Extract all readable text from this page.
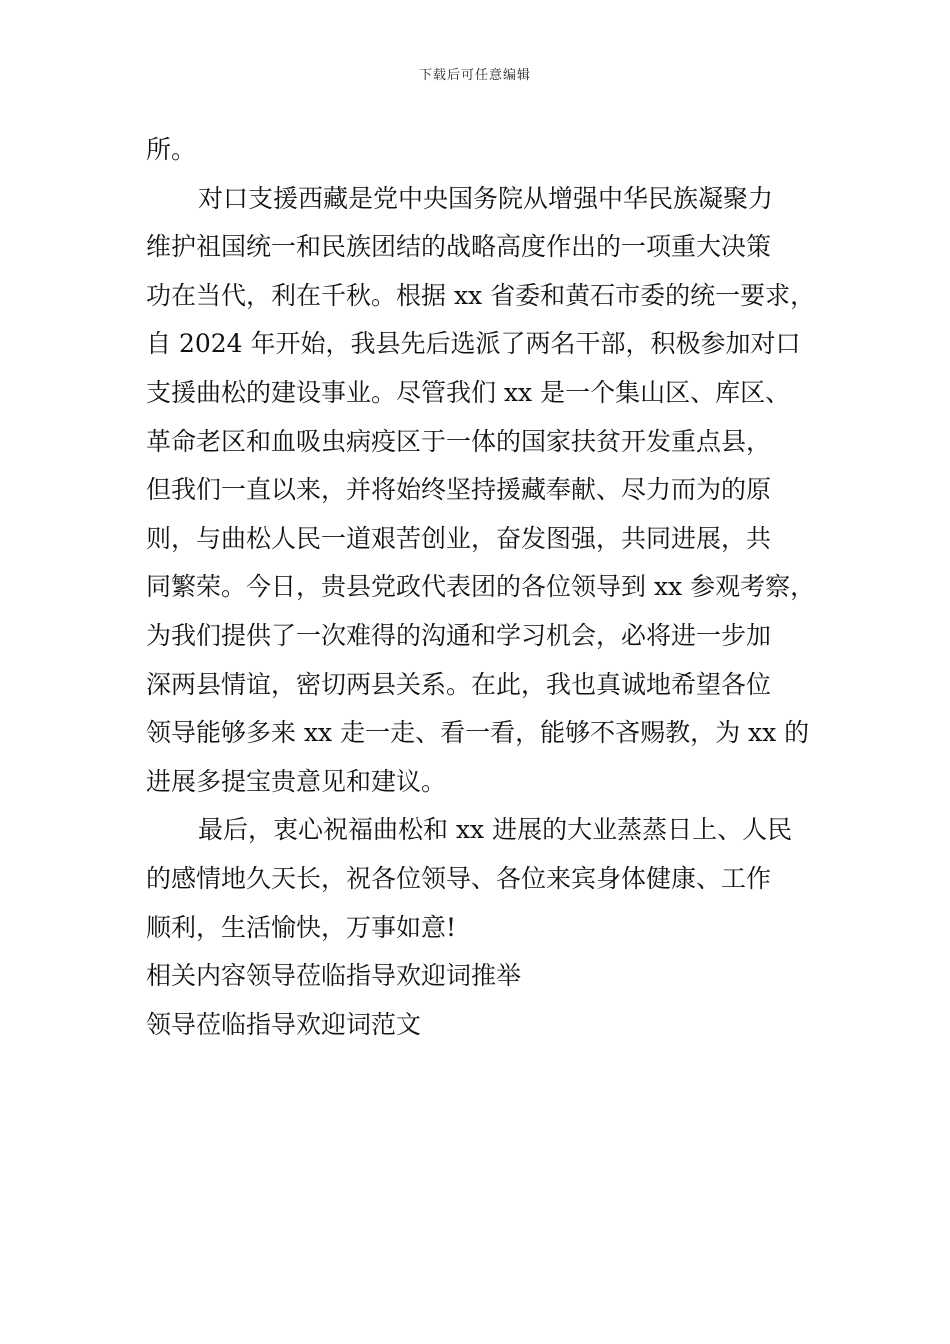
下载后可任意编辑
所。
对口支援西藏是党中央国务院从增强中华民族凝聚力
维护祖国统一和民族团结的战略高度作出的一项重大决策
功在当代，利在千秋。根据 xx 省委和黄石市委的统一要求，
自 2024 年开始，我县先后选派了两名干部，积极参加对口
支援曲松的建设事业。尽管我们 xx 是一个集山区、库区、
革命老区和血吸虫病疫区于一体的国家扶贫开发重点县，
但我们一直以来，并将始终坚持援藏奉献、尽力而为的原
则，与曲松人民一道艰苦创业，奋发图强，共同进展，共
同繁荣。今日，贵县党政代表团的各位领导到 xx 参观考察，
为我们提供了一次难得的沟通和学习机会，必将进一步加
深两县情谊，密切两县关系。在此，我也真诚地希望各位
领导能够多来 xx 走一走、看一看，能够不吝赐教，为 xx 的
进展多提宝贵意见和建议。
最后，衷心祝福曲松和 xx 进展的大业蒸蒸日上、人民
的感情地久天长，祝各位领导、各位来宾身体健康、工作
顺利，生活愉快，万事如意!
相关内容领导莅临指导欢迎词推举
领导莅临指导欢迎词范文
